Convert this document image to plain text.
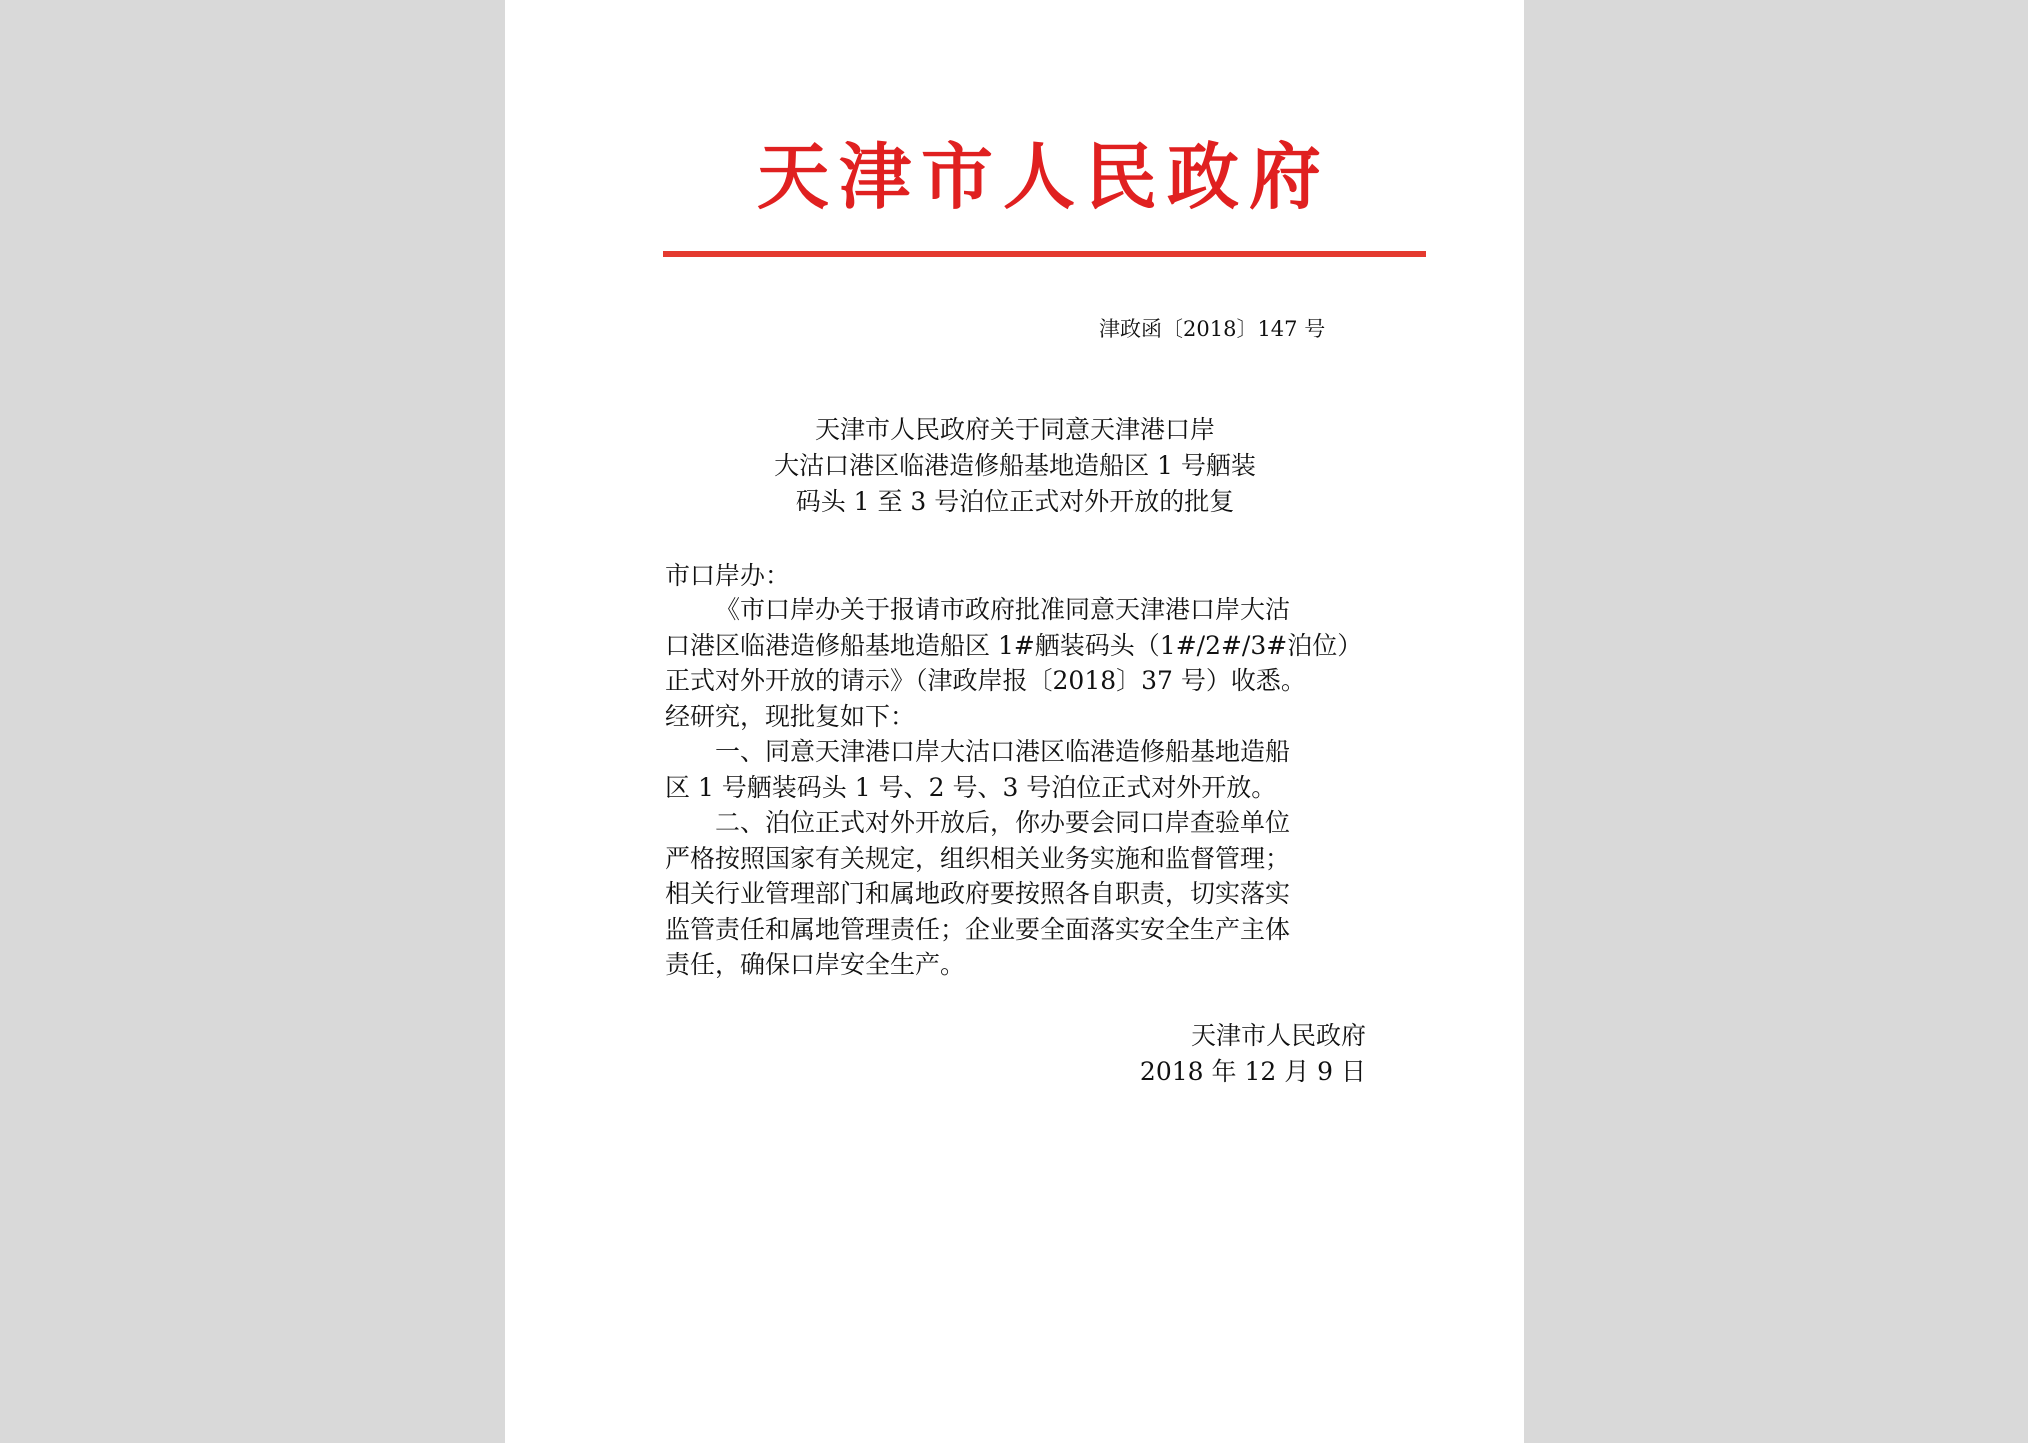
天津市人民政府
津政函〔2018〕147 号
天津市人民政府关于同意天津港口岸
大沽口港区临港造修船基地造船区 1 号舾装
码头 1 至 3 号泊位正式对外开放的批复
市口岸办：
《市口岸办关于报请市政府批准同意天津港口岸大沽
口港区临港造修船基地造船区 1#舾装码头（1#/2#/3#泊位）
正式对外开放的请示》（津政岸报〔2018〕37 号）收悉。
经研究，现批复如下：
一、同意天津港口岸大沽口港区临港造修船基地造船
区 1 号舾装码头 1 号、2 号、3 号泊位正式对外开放。
二、泊位正式对外开放后，你办要会同口岸查验单位
严格按照国家有关规定，组织相关业务实施和监督管理；
相关行业管理部门和属地政府要按照各自职责，切实落实
监管责任和属地管理责任；企业要全面落实安全生产主体
责任，确保口岸安全生产。
天津市人民政府
2018 年 12 月 9 日
